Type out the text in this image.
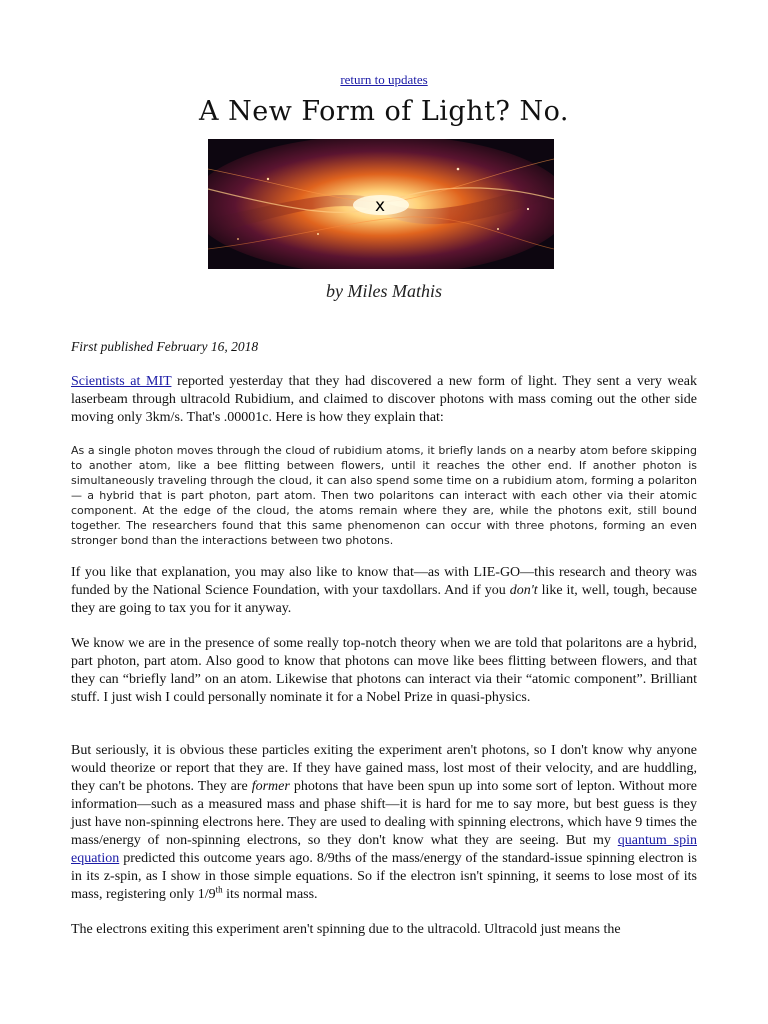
return to updates
A New Form of Light? No.
x
by Miles Mathis
First published February 16, 2018

Scientists at MIT reported yesterday that they had discovered a new form of light. They sent a very weak laserbeam through ultracold Rubidium, and claimed to discover photons with mass coming out the other side moving only 3km/s. That's .00001c. Here is how they explain that:

As a single photon moves through the cloud of rubidium atoms, it briefly lands on a nearby atom before skipping to another atom, like a bee flitting between flowers, until it reaches the other end. If another photon is simultaneously traveling through the cloud, it can also spend some time on a rubidium atom, forming a polariton — a hybrid that is part photon, part atom. Then two polaritons can interact with each other via their atomic component. At the edge of the cloud, the atoms remain where they are, while the photons exit, still bound together. The researchers found that this same phenomenon can occur with three photons, forming an even stronger bond than the interactions between two photons.

If you like that explanation, you may also like to know that—as with LIE-GO—this research and theory was funded by the National Science Foundation, with your taxdollars. And if you don't like it, well, tough, because they are going to tax you for it anyway.

We know we are in the presence of some really top-notch theory when we are told that polaritons are a hybrid, part photon, part atom. Also good to know that photons can move like bees flitting between flowers, and that they can “briefly land” on an atom. Likewise that photons can interact via their “atomic component”. Brilliant stuff. I just wish I could personally nominate it for a Nobel Prize in quasi-physics.

But seriously, it is obvious these particles exiting the experiment aren't photons, so I don't know why anyone would theorize or report that they are. If they have gained mass, lost most of their velocity, and are huddling, they can't be photons. They are former photons that have been spun up into some sort of lepton. Without more information—such as a measured mass and phase shift—it is hard for me to say more, but best guess is they just have non-spinning electrons here. They are used to dealing with spinning electrons, which have 9 times the mass/energy of non-spinning electrons, so they don't know what they are seeing. But my quantum spin equation predicted this outcome years ago. 8/9ths of the mass/energy of the standard-issue spinning electron is in its z-spin, as I show in those simple equations. So if the electron isn't spinning, it seems to lose most of its mass, registering only 1/9th its normal mass.

The electrons exiting this experiment aren't spinning due to the ultracold. Ultracold just means the
